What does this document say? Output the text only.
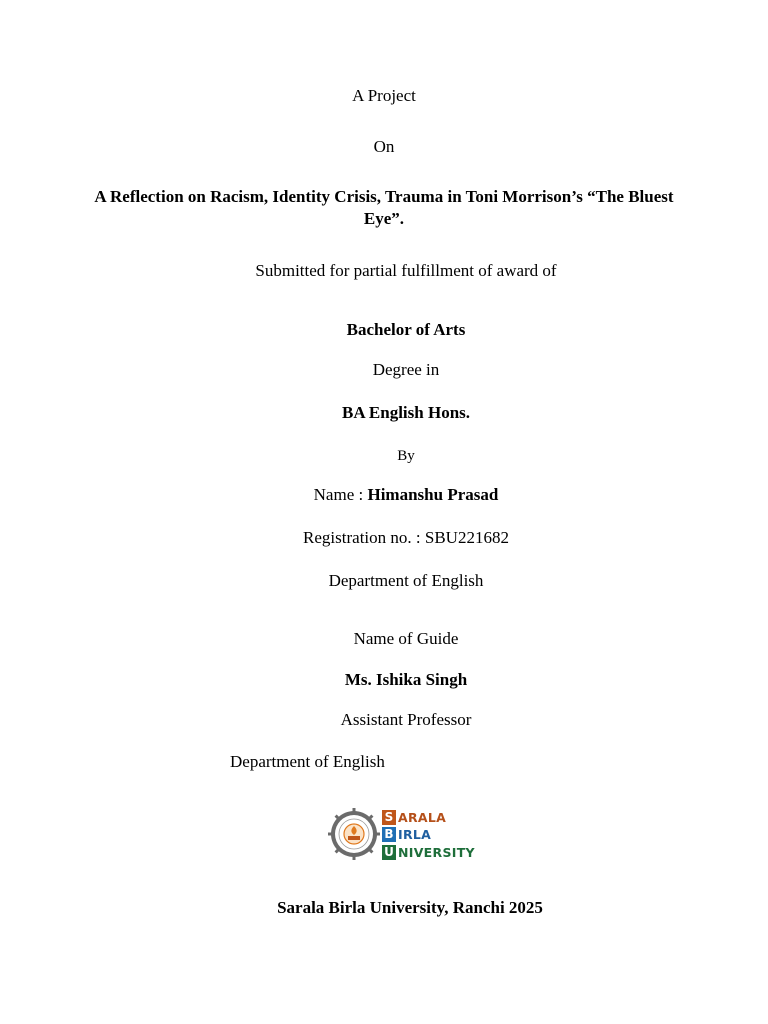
A Project
On
A Reflection on Racism, Identity Crisis, Trauma in Toni Morrison’s “The Bluest Eye”.
Submitted for partial fulfillment of award of
Bachelor of Arts
Degree in
BA English Hons.
By
Name : Himanshu Prasad
Registration no. : SBU221682
Department of English
Name of Guide
Ms. Ishika Singh
Assistant Professor
Department of English
S ARALA
B IRLA
U NIVERSITY
Sarala Birla University, Ranchi 2025
